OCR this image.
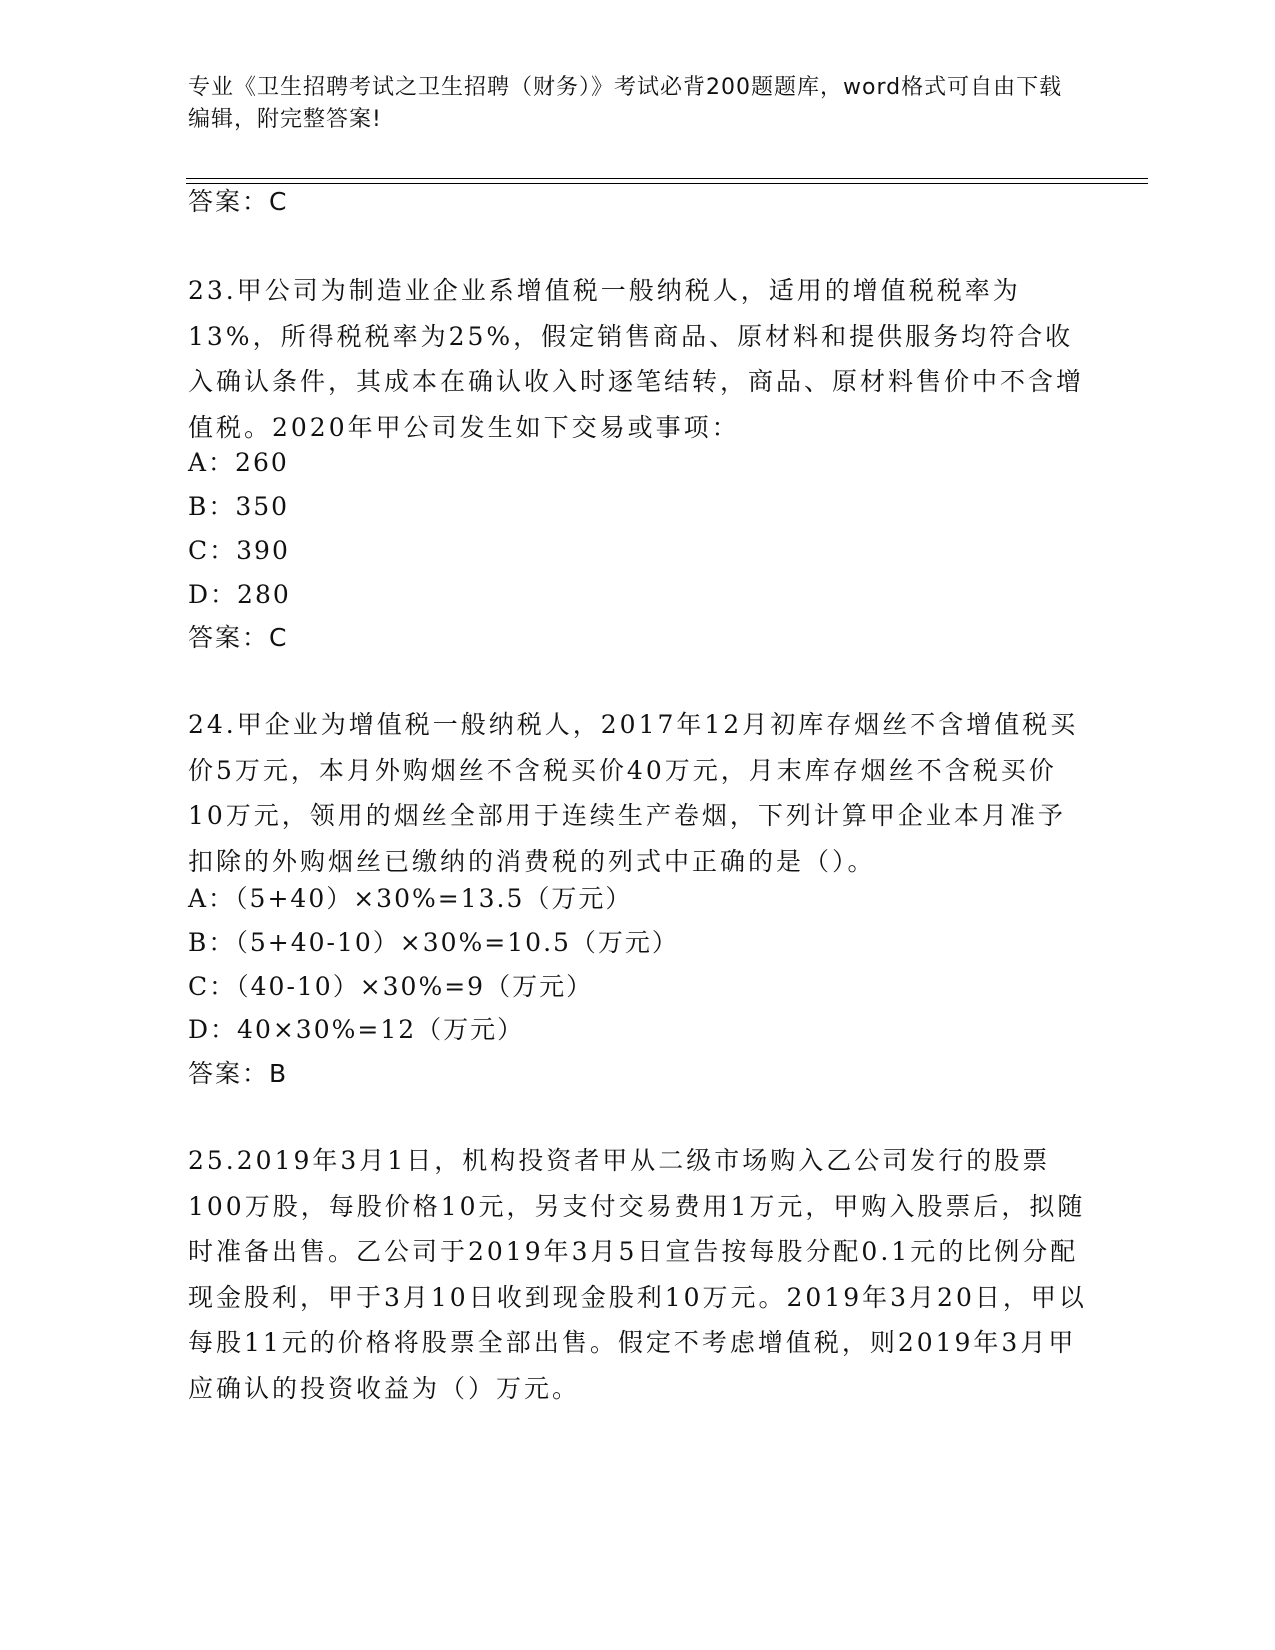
专业《卫生招聘考试之卫生招聘（财务）》考试必背200题题库，word格式可自由下载编辑，附完整答案!
答案：C
23.甲公司为制造业企业系增值税一般纳税人，适用的增值税税率为13%，所得税税率为25%，假定销售商品、原材料和提供服务均符合收入确认条件，其成本在确认收入时逐笔结转，商品、原材料售价中不含增值税。2020年甲公司发生如下交易或事项：
A：260
B：350
C：390
D：280
答案：C
24.甲企业为增值税一般纳税人，2017年12月初库存烟丝不含增值税买价5万元，本月外购烟丝不含税买价40万元，月末库存烟丝不含税买价10万元，领用的烟丝全部用于连续生产卷烟，下列计算甲企业本月准予扣除的外购烟丝已缴纳的消费税的列式中正确的是（）。
A：（5+40）×30%=13.5（万元）
B：（5+40-10）×30%=10.5（万元）
C：（40-10）×30%=9（万元）
D：40×30%=12（万元）
答案：B
25.2019年3月1日，机构投资者甲从二级市场购入乙公司发行的股票100万股，每股价格10元，另支付交易费用1万元，甲购入股票后，拟随时准备出售。乙公司于2019年3月5日宣告按每股分配0.1元的比例分配现金股利，甲于3月10日收到现金股利10万元。2019年3月20日，甲以每股11元的价格将股票全部出售。假定不考虑增值税，则2019年3月甲应确认的投资收益为（）万元。
